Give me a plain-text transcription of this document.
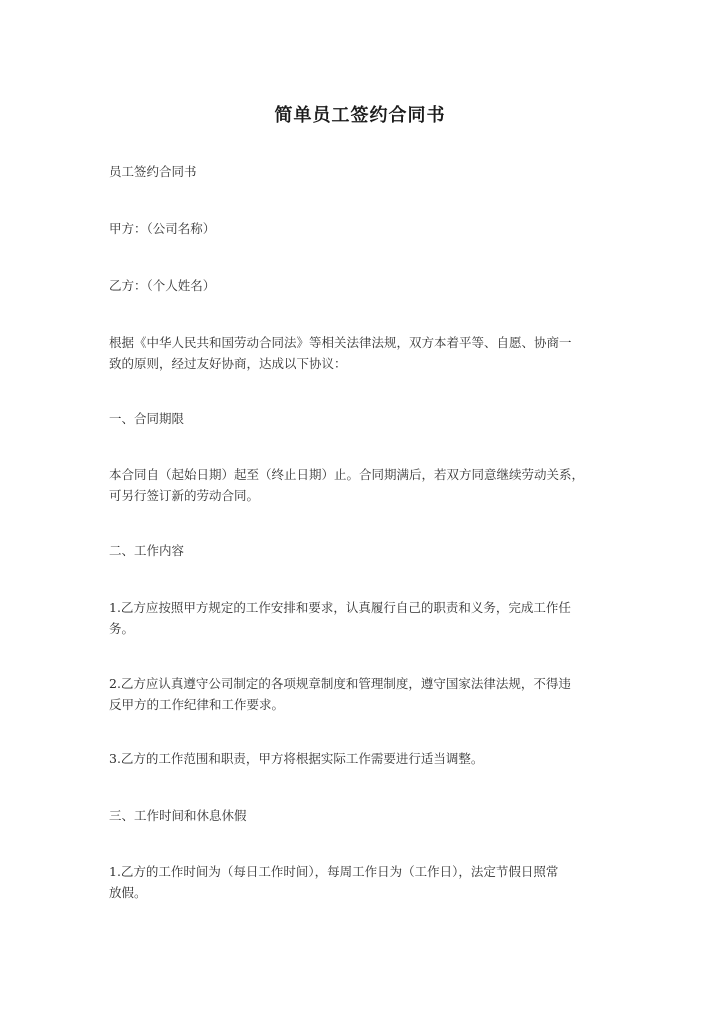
简单员工签约合同书
员工签约合同书
甲方：（公司名称）
乙方：（个人姓名）
根据《中华人民共和国劳动合同法》等相关法律法规，双方本着平等、自愿、协商一
致的原则，经过友好协商，达成以下协议：
一、合同期限
本合同自（起始日期）起至（终止日期）止。合同期满后，若双方同意继续劳动关系，
可另行签订新的劳动合同。
二、工作内容
1.乙方应按照甲方规定的工作安排和要求，认真履行自己的职责和义务，完成工作任
务。
2.乙方应认真遵守公司制定的各项规章制度和管理制度，遵守国家法律法规，不得违
反甲方的工作纪律和工作要求。
3.乙方的工作范围和职责，甲方将根据实际工作需要进行适当调整。
三、工作时间和休息休假
1.乙方的工作时间为（每日工作时间），每周工作日为（工作日），法定节假日照常
放假。
